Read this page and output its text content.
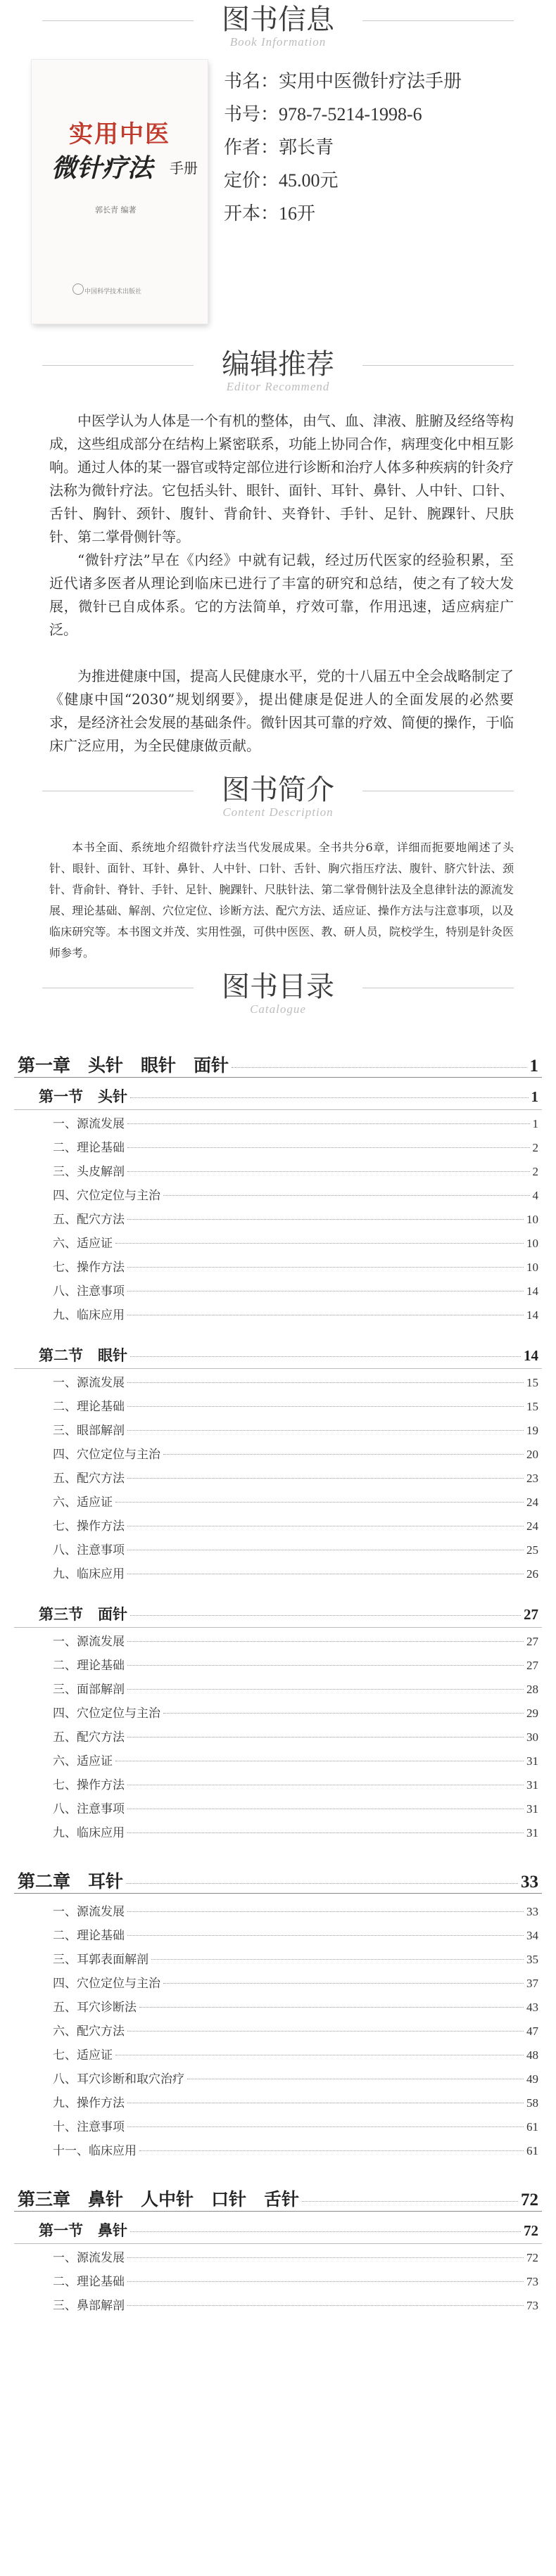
图书信息
Book Information
实用中医
微针疗法 手册
郭长青 编著
中国科学技术出版社
书名：实用中医微针疗法手册
书号：978-7-5214-1998-6
作者：郭长青
定价：45.00元
开本：16开
编辑推荐
Editor Recommend

中医学认为人体是一个有机的整体，由气、血、津液、脏腑及经络等构成，这些组成部分在结构上紧密联系，功能上协同合作，病理变化中相互影响。通过人体的某一器官或特定部位进行诊断和治疗人体多种疾病的针灸疗法称为微针疗法。它包括头针、眼针、面针、耳针、鼻针、人中针、口针、舌针、胸针、颈针、腹针、背俞针、夹脊针、手针、足针、腕踝针、尺肤针、第二掌骨侧针等。

“微针疗法”早在《内经》中就有记载，经过历代医家的经验积累，至近代诸多医者从理论到临床已进行了丰富的研究和总结，使之有了较大发展，微针已自成体系。它的方法简单，疗效可靠，作用迅速，适应病症广泛。

为推进健康中国，提高人民健康水平，党的十八届五中全会战略制定了《健康中国“2030”规划纲要》，提出健康是促进人的全面发展的必然要求，是经济社会发展的基础条件。微针因其可靠的疗效、简便的操作，于临床广泛应用，为全民健康做贡献。

图书简介
Content Description

本书全面、系统地介绍微针疗法当代发展成果。全书共分6章，详细而扼要地阐述了头针、眼针、面针、耳针、鼻针、人中针、口针、舌针、胸穴指压疗法、腹针、脐穴针法、颈针、背俞针、脊针、手针、足针、腕踝针、尺肤针法、第二掌骨侧针法及全息律针法的源流发展、理论基础、解剖、穴位定位、诊断方法、配穴方法、适应证、操作方法与注意事项，以及临床研究等。本书图文并茂、实用性强，可供中医医、教、研人员，院校学生，特别是针灸医师参考。

图书目录
Catalogue
第一章　头针　眼针　面针	1
第一节　头针	1
一、源流发展	1
二、理论基础	2
三、头皮解剖	2
四、穴位定位与主治	4
五、配穴方法	10
六、适应证	10
七、操作方法	10
八、注意事项	14
九、临床应用	14
第二节　眼针	14
一、源流发展	15
二、理论基础	15
三、眼部解剖	19
四、穴位定位与主治	20
五、配穴方法	23
六、适应证	24
七、操作方法	24
八、注意事项	25
九、临床应用	26
第三节　面针	27
一、源流发展	27
二、理论基础	27
三、面部解剖	28
四、穴位定位与主治	29
五、配穴方法	30
六、适应证	31
七、操作方法	31
八、注意事项	31
九、临床应用	31
第二章　耳针	33
一、源流发展	33
二、理论基础	34
三、耳郭表面解剖	35
四、穴位定位与主治	37
五、耳穴诊断法	43
六、配穴方法	47
七、适应证	48
八、耳穴诊断和取穴治疗	49
九、操作方法	58
十、注意事项	61
十一、临床应用	61
第三章　鼻针　人中针　口针　舌针	72
第一节　鼻针	72
一、源流发展	72
二、理论基础	73
三、鼻部解剖	73
